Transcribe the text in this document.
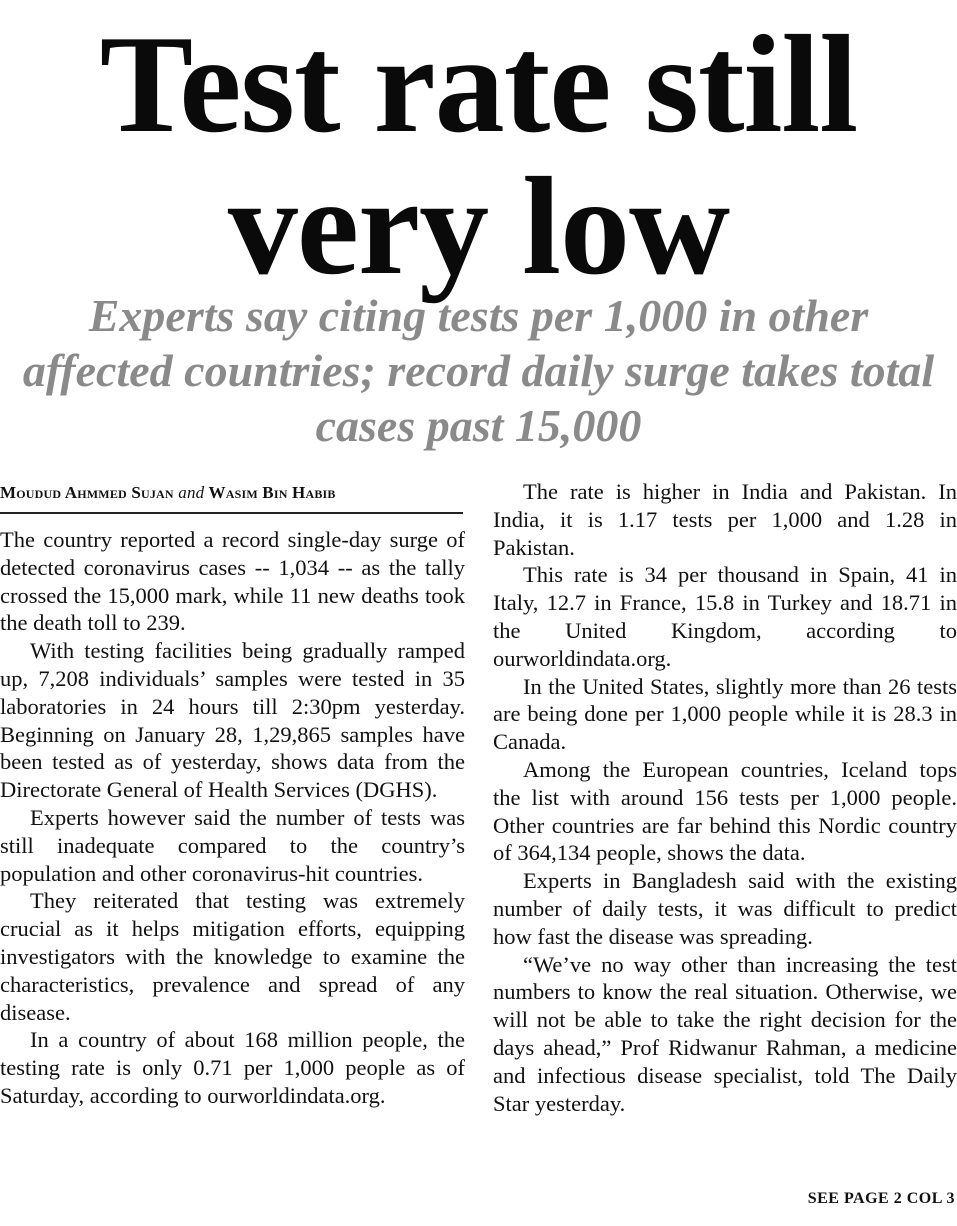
Test rate still
very low

Experts say citing tests per 1,000 in other affected countries; record daily surge takes total cases past 15,000

Moudud Ahmmed Sujan and Wasim Bin Habib

The country reported a record single-day surge of detected coronavirus cases -- 1,034 -- as the tally crossed the 15,000 mark, while 11 new deaths took the death toll to 239.

With testing facilities being gradually ramped up, 7,208 individuals’ samples were tested in 35 laboratories in 24 hours till 2:30pm yesterday. Beginning on January 28, 1,29,865 samples have been tested as of yesterday, shows data from the Directorate General of Health Services (DGHS).

Experts however said the number of tests was still inadequate compared to the country’s population and other coronavirus-hit countries.

They reiterated that testing was extremely crucial as it helps mitigation efforts, equipping investigators with the knowledge to examine the characteristics, prevalence and spread of any disease.

In a country of about 168 million people, the testing rate is only 0.71 per 1,000 people as of Saturday, according to ourworldindata.org.

The rate is higher in India and Pakistan. In India, it is 1.17 tests per 1,000 and 1.28 in Pakistan.

This rate is 34 per thousand in Spain, 41 in Italy, 12.7 in France, 15.8 in Turkey and 18.71 in the United Kingdom, according to ourworldindata.org.

In the United States, slightly more than 26 tests are being done per 1,000 people while it is 28.3 in Canada.

Among the European countries, Iceland tops the list with around 156 tests per 1,000 people. Other countries are far behind this Nordic country of 364,134 people, shows the data.

Experts in Bangladesh said with the existing number of daily tests, it was difficult to predict how fast the disease was spreading.

“We’ve no way other than increasing the test numbers to know the real situation. Otherwise, we will not be able to take the right decision for the days ahead,” Prof Ridwanur Rahman, a medicine and infectious disease specialist, told The Daily Star yesterday.

SEE PAGE 2 COL 3
